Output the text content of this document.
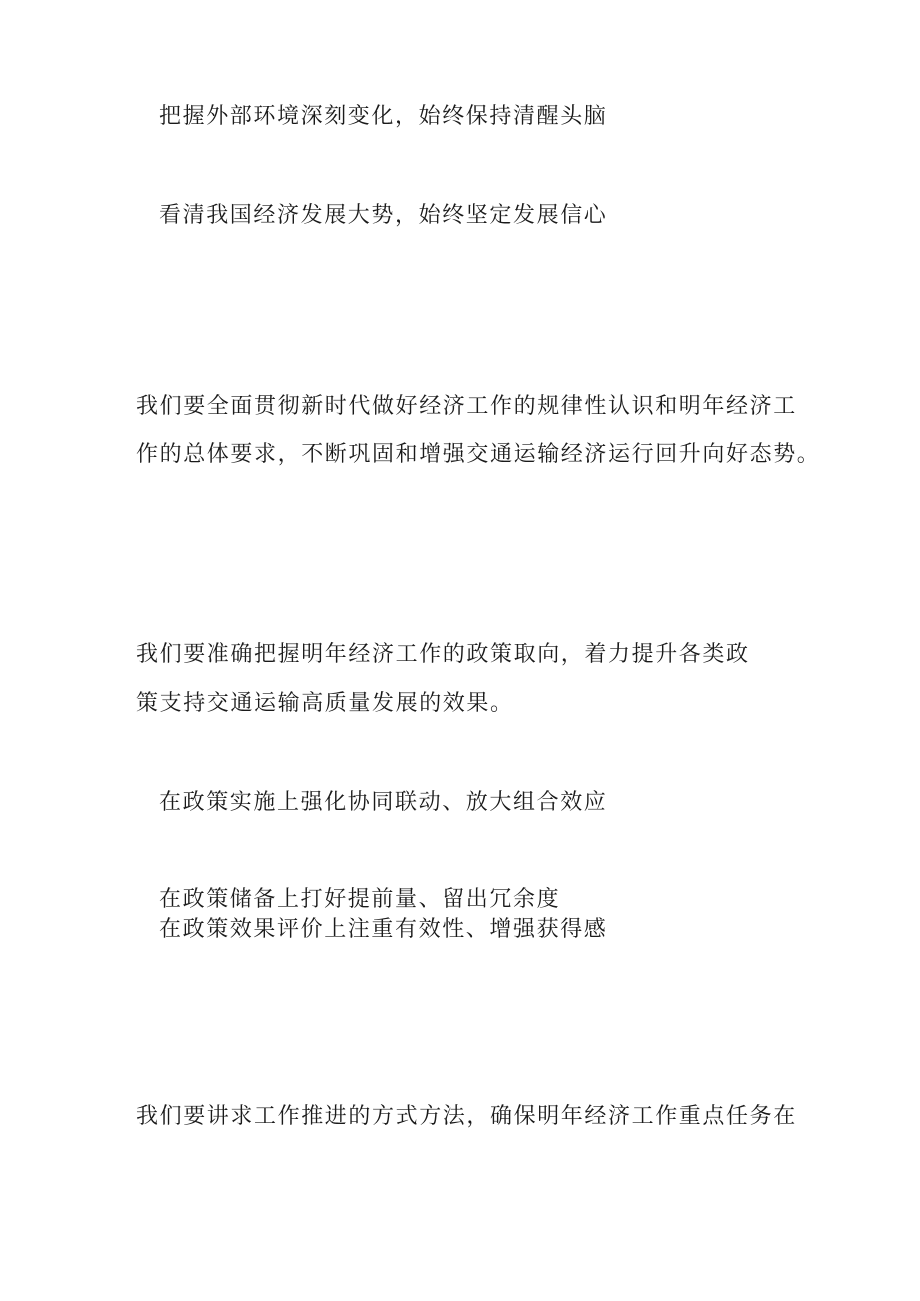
把握外部环境深刻变化，始终保持清醒头脑
看清我国经济发展大势，始终坚定发展信心
我们要全面贯彻新时代做好经济工作的规律性认识和明年经济工
作的总体要求，不断巩固和增强交通运输经济运行回升向好态势。
我们要准确把握明年经济工作的政策取向，着力提升各类政
策支持交通运输高质量发展的效果。
在政策实施上强化协同联动、放大组合效应
在政策储备上打好提前量、留出冗余度
在政策效果评价上注重有效性、增强获得感
我们要讲求工作推进的方式方法，确保明年经济工作重点任务在
